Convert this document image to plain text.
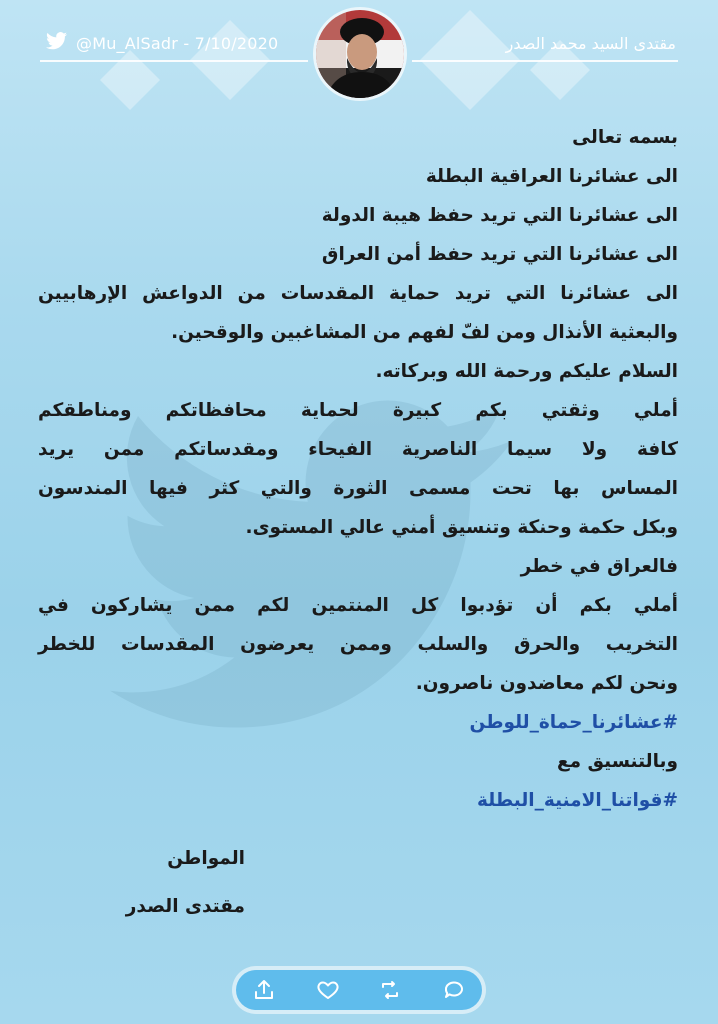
@Mu_AlSadr - 7/10/2020	مقتدى السيد محمد الصدر
بسمه تعالى
الى عشائرنا العراقية البطلة
الى عشائرنا التي تريد حفظ هيبة الدولة
الى عشائرنا التي تريد حفظ أمن العراق
الى عشائرنا التي تريد حماية المقدسات من الدواعش الإرهابيين
والبعثية الأنذال ومن لفّ لفهم من المشاغبين والوقحين.
السلام عليكم ورحمة الله وبركاته.
أملي وثقتي بكم كبيرة لحماية محافظاتكم ومناطقكم
كافة ولا سيما الناصرية الفيحاء ومقدساتكم ممن يريد
المساس بها تحت مسمى الثورة والتي كثر فيها المندسون
وبكل حكمة وحنكة وتنسيق أمني عالي المستوى.
فالعراق في خطر
أملي بكم أن تؤدبوا كل المنتمين لكم ممن يشاركون في
التخريب والحرق والسلب وممن يعرضون المقدسات للخطر
ونحن لكم معاضدون ناصرون.
#عشائرنا_حماة_للوطن
وبالتنسيق مع
#قواتنا_الامنية_البطلة
المواطن
مقتدى الصدر
